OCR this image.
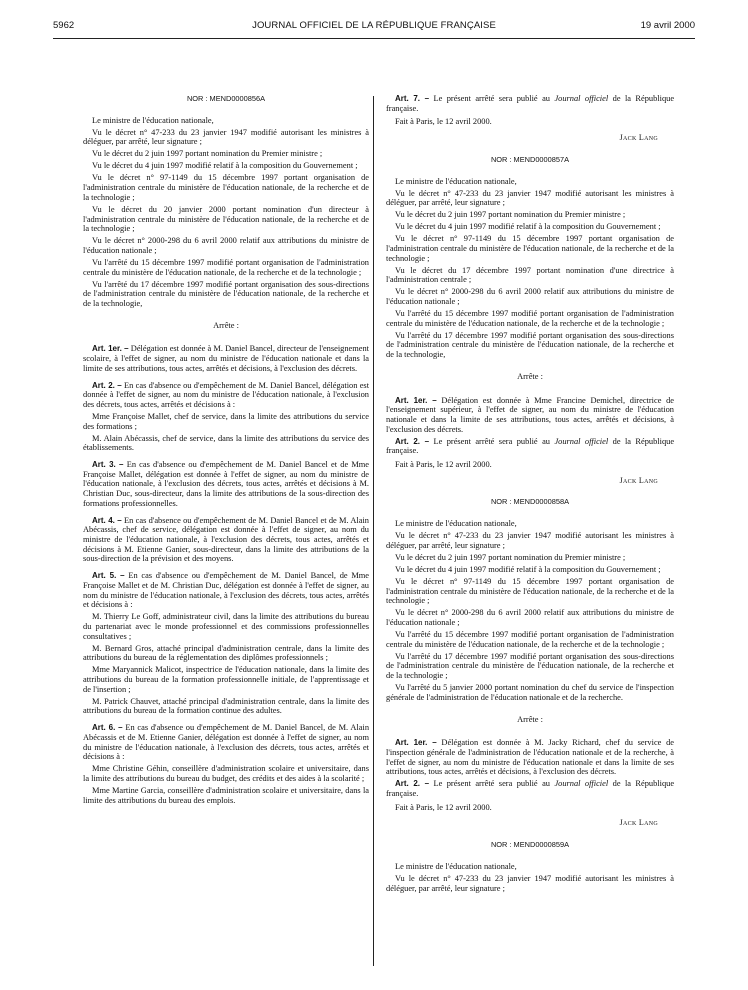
5962	JOURNAL OFFICIEL DE LA RÉPUBLIQUE FRANÇAISE	19 avril 2000

NOR : MEND0000856A

Le ministre de l'éducation nationale,

Vu le décret n° 47-233 du 23 janvier 1947 modifié autorisant les ministres à déléguer, par arrêté, leur signature ;

Vu le décret du 2 juin 1997 portant nomination du Premier ministre ;

Vu le décret du 4 juin 1997 modifié relatif à la composition du Gouvernement ;

Vu le décret n° 97-1149 du 15 décembre 1997 portant organisation de l'administration centrale du ministère de l'éducation nationale, de la recherche et de la technologie ;

Vu le décret du 20 janvier 2000 portant nomination d'un directeur à l'administration centrale du ministère de l'éducation nationale, de la recherche et de la technologie ;

Vu le décret n° 2000-298 du 6 avril 2000 relatif aux attributions du ministre de l'éducation nationale ;

Vu l'arrêté du 15 décembre 1997 modifié portant organisation de l'administration centrale du ministère de l'éducation nationale, de la recherche et de la technologie ;

Vu l'arrêté du 17 décembre 1997 modifié portant organisation des sous-directions de l'administration centrale du ministère de l'éducation nationale, de la recherche et de la technologie,

Arrête :

Art. 1er. – Délégation est donnée à M. Daniel Bancel, directeur de l'enseignement scolaire, à l'effet de signer, au nom du ministre de l'éducation nationale et dans la limite de ses attributions, tous actes, arrêtés et décisions, à l'exclusion des décrets.

Art. 2. – En cas d'absence ou d'empêchement de M. Daniel Bancel, délégation est donnée à l'effet de signer, au nom du ministre de l'éducation nationale, à l'exclusion des décrets, tous actes, arrêtés et décisions à :

Mme Françoise Mallet, chef de service, dans la limite des attributions du service des formations ;

M. Alain Abécassis, chef de service, dans la limite des attributions du service des établissements.

Art. 3. – En cas d'absence ou d'empêchement de M. Daniel Bancel et de Mme Françoise Mallet, délégation est donnée à l'effet de signer, au nom du ministre de l'éducation nationale, à l'exclusion des décrets, tous actes, arrêtés et décisions à M. Christian Duc, sous-directeur, dans la limite des attributions de la sous-direction des formations professionnelles.

Art. 4. – En cas d'absence ou d'empêchement de M. Daniel Bancel et de M. Alain Abécassis, chef de service, délégation est donnée à l'effet de signer, au nom du ministre de l'éducation nationale, à l'exclusion des décrets, tous actes, arrêtés et décisions à M. Etienne Ganier, sous-directeur, dans la limite des attributions de la sous-direction de la prévision et des moyens.

Art. 5. – En cas d'absence ou d'empêchement de M. Daniel Bancel, de Mme Françoise Mallet et de M. Christian Duc, délégation est donnée à l'effet de signer, au nom du ministre de l'éducation nationale, à l'exclusion des décrets, tous actes, arrêtés et décisions à :

M. Thierry Le Goff, administrateur civil, dans la limite des attributions du bureau du partenariat avec le monde professionnel et des commissions professionnelles consultatives ;

M. Bernard Gros, attaché principal d'administration centrale, dans la limite des attributions du bureau de la réglementation des diplômes professionnels ;

Mme Maryannick Malicot, inspectrice de l'éducation nationale, dans la limite des attributions du bureau de la formation professionnelle initiale, de l'apprentissage et de l'insertion ;

M. Patrick Chauvet, attaché principal d'administration centrale, dans la limite des attributions du bureau de la formation continue des adultes.

Art. 6. – En cas d'absence ou d'empêchement de M. Daniel Bancel, de M. Alain Abécassis et de M. Etienne Ganier, délégation est donnée à l'effet de signer, au nom du ministre de l'éducation nationale, à l'exclusion des décrets, tous actes, arrêtés et décisions à :

Mme Christine Géhin, conseillère d'administration scolaire et universitaire, dans la limite des attributions du bureau du budget, des crédits et des aides à la scolarité ;

Mme Martine Garcia, conseillère d'administration scolaire et universitaire, dans la limite des attributions du bureau des emplois.

Art. 7. – Le présent arrêté sera publié au Journal officiel de la République française.

Fait à Paris, le 12 avril 2000.

Jack Lang

NOR : MEND0000857A

Le ministre de l'éducation nationale,

Vu le décret n° 47-233 du 23 janvier 1947 modifié autorisant les ministres à déléguer, par arrêté, leur signature ;

Vu le décret du 2 juin 1997 portant nomination du Premier ministre ;

Vu le décret du 4 juin 1997 modifié relatif à la composition du Gouvernement ;

Vu le décret n° 97-1149 du 15 décembre 1997 portant organisation de l'administration centrale du ministère de l'éducation nationale, de la recherche et de la technologie ;

Vu le décret du 17 décembre 1997 portant nomination d'une directrice à l'administration centrale ;

Vu le décret n° 2000-298 du 6 avril 2000 relatif aux attributions du ministre de l'éducation nationale ;

Vu l'arrêté du 15 décembre 1997 modifié portant organisation de l'administration centrale du ministère de l'éducation nationale, de la recherche et de la technologie ;

Vu l'arrêté du 17 décembre 1997 modifié portant organisation des sous-directions de l'administration centrale du ministère de l'éducation nationale, de la recherche et de la technologie,

Arrête :

Art. 1er. – Délégation est donnée à Mme Francine Demichel, directrice de l'enseignement supérieur, à l'effet de signer, au nom du ministre de l'éducation nationale et dans la limite de ses attributions, tous actes, arrêtés et décisions, à l'exclusion des décrets.

Art. 2. – Le présent arrêté sera publié au Journal officiel de la République française.

Fait à Paris, le 12 avril 2000.

Jack Lang

NOR : MEND0000858A

Le ministre de l'éducation nationale,

Vu le décret n° 47-233 du 23 janvier 1947 modifié autorisant les ministres à déléguer, par arrêté, leur signature ;

Vu le décret du 2 juin 1997 portant nomination du Premier ministre ;

Vu le décret du 4 juin 1997 modifié relatif à la composition du Gouvernement ;

Vu le décret n° 97-1149 du 15 décembre 1997 portant organisation de l'administration centrale du ministère de l'éducation nationale, de la recherche et de la technologie ;

Vu le décret n° 2000-298 du 6 avril 2000 relatif aux attributions du ministre de l'éducation nationale ;

Vu l'arrêté du 15 décembre 1997 modifié portant organisation de l'administration centrale du ministère de l'éducation nationale, de la recherche et de la technologie ;

Vu l'arrêté du 17 décembre 1997 modifié portant organisation des sous-directions de l'administration centrale du ministère de l'éducation nationale, de la recherche et de la technologie ;

Vu l'arrêté du 5 janvier 2000 portant nomination du chef du service de l'inspection générale de l'administration de l'éducation nationale et de la recherche.

Arrête :

Art. 1er. – Délégation est donnée à M. Jacky Richard, chef du service de l'inspection générale de l'administration de l'éducation nationale et de la recherche, à l'effet de signer, au nom du ministre de l'éducation nationale et dans la limite de ses attributions, tous actes, arrêtés et décisions, à l'exclusion des décrets.

Art. 2. – Le présent arrêté sera publié au Journal officiel de la République française.

Fait à Paris, le 12 avril 2000.

Jack Lang

NOR : MEND0000859A

Le ministre de l'éducation nationale,

Vu le décret n° 47-233 du 23 janvier 1947 modifié autorisant les ministres à déléguer, par arrêté, leur signature ;
